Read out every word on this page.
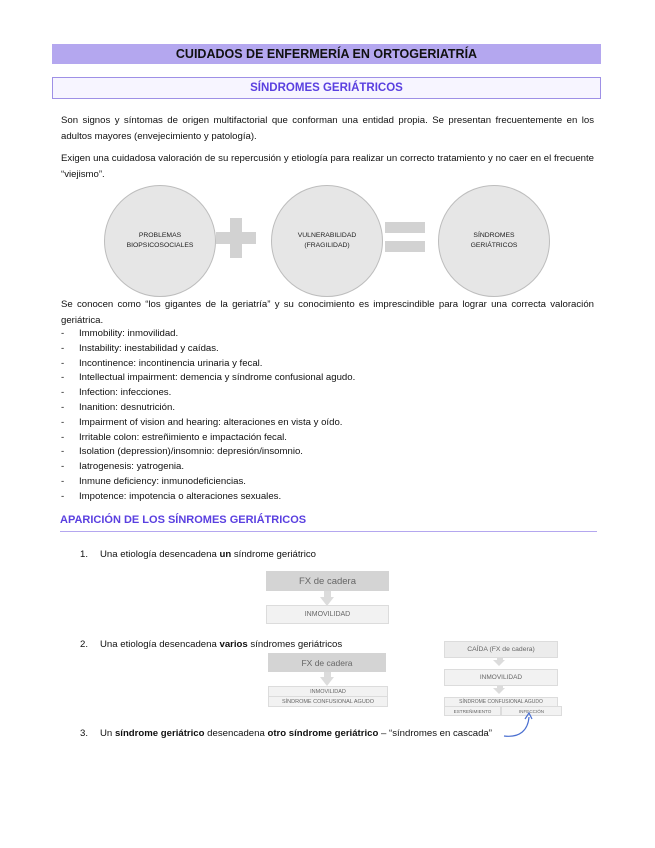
CUIDADOS DE ENFERMERÍA EN ORTOGERIATRÍA
SÍNDROMES GERIÁTRICOS

Son signos y síntomas de origen multifactorial que conforman una entidad propia. Se presentan frecuentemente en los adultos mayores (envejecimiento y patología).

Exigen una cuidadosa valoración de su repercusión y etiología para realizar un correcto tratamiento y no caer en el frecuente “viejismo”.

PROBLEMAS
BIOPSICOSOCIALES
VULNERABILIDAD
(FRAGILIDAD)
SÍNDROMES
GERIÁTRICOS

Se conocen como “los gigantes de la geriatría” y su conocimiento es imprescindible para lograr una correcta valoración geriátrica.

-	Immobility: inmovilidad.
-	Instability: inestabilidad y caídas.
-	Incontinence: incontinencia urinaria y fecal.
-	Intellectual impairment: demencia y síndrome confusional agudo.
-	Infection: infecciones.
-	Inanition: desnutrición.
-	Impairment of vision and hearing: alteraciones en vista y oído.
-	Irritable colon: estreñimiento e impactación fecal.
-	Isolation (depression)/insomnio: depresión/insomnio.
-	Iatrogenesis: yatrogenia.
-	Inmune deficiency: inmunodeficiencias.
-	Impotence: impotencia o alteraciones sexuales.
APARICIÓN DE LOS SÍNROMES GERIÁTRICOS
1. Una etiología desencadena un síndrome geriátrico
FX de cadera
INMOVILIDAD
2. Una etiología desencadena varios síndromes geriátricos
FX de cadera
INMOVILIDAD
SÍNDROME CONFUSIONAL AGUDO
CAÍDA (FX de cadera)
INMOVILIDAD
SÍNDROME CONFUSIONAL AGUDO
ESTREÑIMIENTO	INFECCIÓN
3. Un síndrome geriátrico desencadena otro síndrome geriátrico – “síndromes en cascada”
